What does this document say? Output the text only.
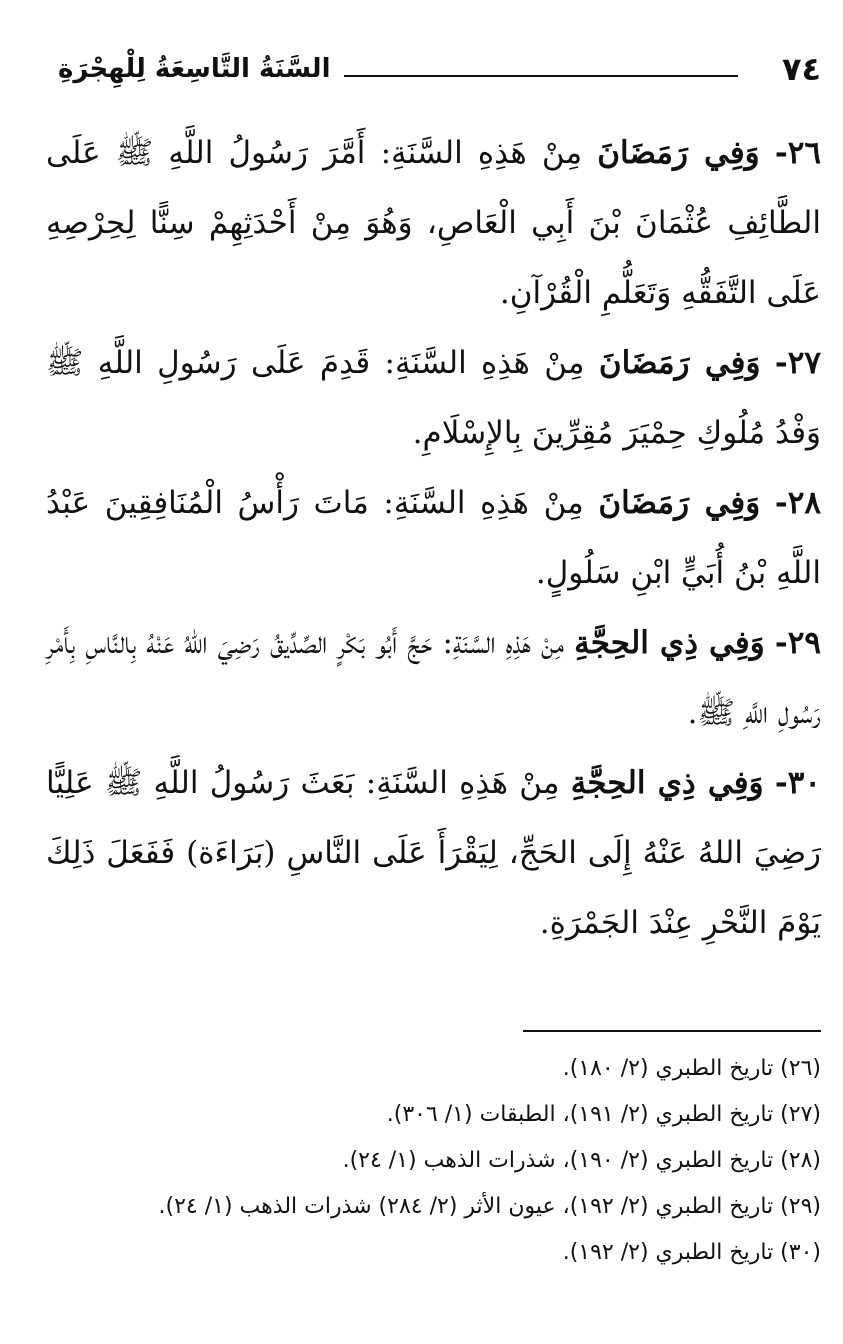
٧٤
السَّنَةُ التَّاسِعَةُ لِلْهِجْرَةِ

٢٦- وَفِي رَمَضَانَ مِنْ هَذِهِ السَّنَةِ: أَمَّرَ رَسُولُ اللَّهِ ﷺ عَلَى الطَّائِفِ عُثْمَانَ بْنَ أَبِي الْعَاصِ، وَهُوَ مِنْ أَحْدَثِهِمْ سِنًّا لِحِرْصِهِ عَلَى التَّفَقُّهِ وَتَعَلُّمِ الْقُرْآنِ.

٢٧- وَفِي رَمَضَانَ مِنْ هَذِهِ السَّنَةِ: قَدِمَ عَلَى رَسُولِ اللَّهِ ﷺ وَفْدُ مُلُوكِ حِمْيَرَ مُقِرِّينَ بِالإِسْلَامِ.

٢٨- وَفِي رَمَضَانَ مِنْ هَذِهِ السَّنَةِ: مَاتَ رَأْسُ الْمُنَافِقِينَ عَبْدُ اللَّهِ بْنُ أُبَيٍّ ابْنِ سَلُولٍ.

٢٩- وَفِي ذِي الحِجَّةِ مِنْ هَذِهِ السَّنَةِ: حَجَّ أَبُو بَكْرٍ الصِّدِّيقُ رَضِيَ اللهُ عَنْهُ بِالنَّاسِ بِأَمْرِ رَسُولِ اللَّهِ ﷺ.

٣٠- وَفِي ذِي الحِجَّةِ مِنْ هَذِهِ السَّنَةِ: بَعَثَ رَسُولُ اللَّهِ ﷺ عَلِيًّا رَضِيَ اللهُ عَنْهُ إِلَى الحَجِّ، لِيَقْرَأَ عَلَى النَّاسِ (بَرَاءَة) فَفَعَلَ ذَلِكَ يَوْمَ النَّحْرِ عِنْدَ الجَمْرَةِ.

(٢٦) تاريخ الطبري (٢/ ١٨٠).
(٢٧) تاريخ الطبري (٢/ ١٩١)، الطبقات (١/ ٣٠٦).
(٢٨) تاريخ الطبري (٢/ ١٩٠)، شذرات الذهب (١/ ٢٤).
(٢٩) تاريخ الطبري (٢/ ١٩٢)، عيون الأثر (٢/ ٢٨٤) شذرات الذهب (١/ ٢٤).
(٣٠) تاريخ الطبري (٢/ ١٩٢).
